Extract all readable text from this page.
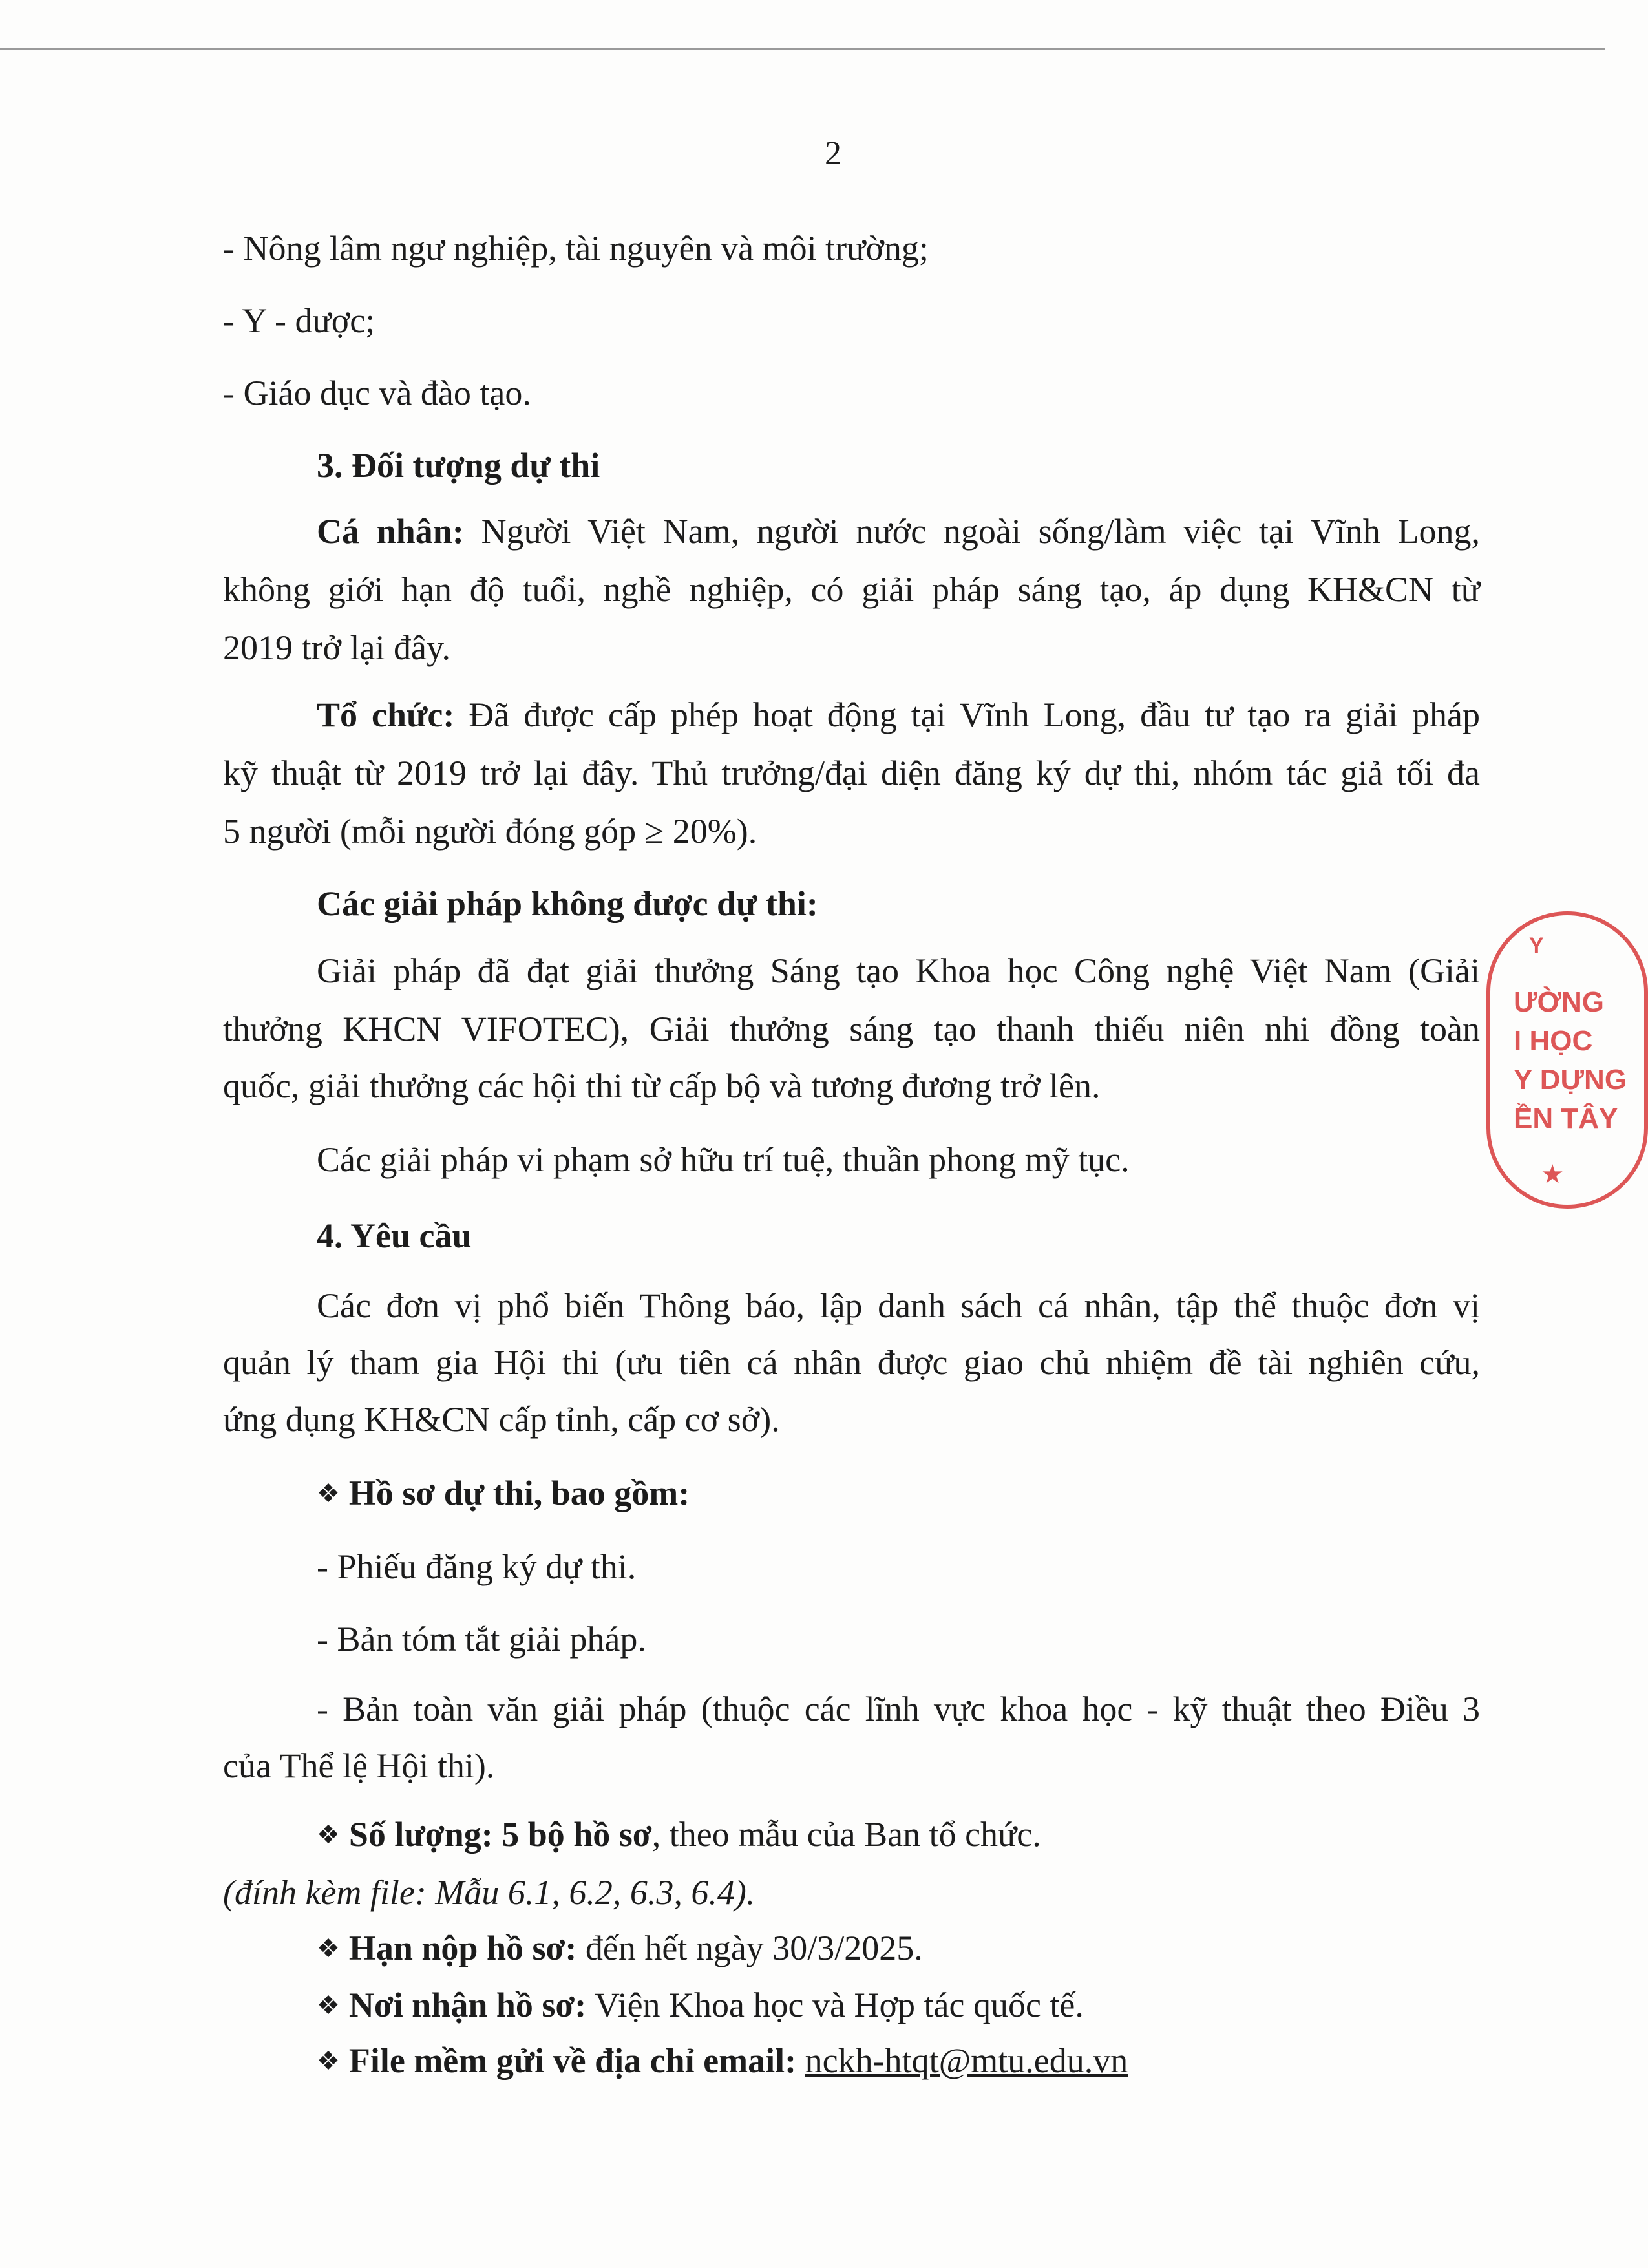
2
- Nông lâm ngư nghiệp, tài nguyên và môi trường;
- Y - dược;
- Giáo dục và đào tạo.
3. Đối tượng dự thi
Cá nhân: Người Việt Nam, người nước ngoài sống/làm việc tại Vĩnh Long,
không giới hạn độ tuổi, nghề nghiệp, có giải pháp sáng tạo, áp dụng KH&CN từ
2019 trở lại đây.
Tổ chức: Đã được cấp phép hoạt động tại Vĩnh Long, đầu tư tạo ra giải pháp
kỹ thuật từ 2019 trở lại đây. Thủ trưởng/đại diện đăng ký dự thi, nhóm tác giả tối đa
5 người (mỗi người đóng góp ≥ 20%).
Các giải pháp không được dự thi:
Giải pháp đã đạt giải thưởng Sáng tạo Khoa học Công nghệ Việt Nam (Giải
thưởng KHCN VIFOTEC), Giải thưởng sáng tạo thanh thiếu niên nhi đồng toàn
quốc, giải thưởng các hội thi từ cấp bộ và tương đương trở lên.
Các giải pháp vi phạm sở hữu trí tuệ, thuần phong mỹ tục.
4. Yêu cầu
Các đơn vị phổ biến Thông báo, lập danh sách cá nhân, tập thể thuộc đơn vị
quản lý tham gia Hội thi (ưu tiên cá nhân được giao chủ nhiệm đề tài nghiên cứu,
ứng dụng KH&CN cấp tỉnh, cấp cơ sở).
❖ Hồ sơ dự thi, bao gồm:
- Phiếu đăng ký dự thi.
- Bản tóm tắt giải pháp.
- Bản toàn văn giải pháp (thuộc các lĩnh vực khoa học - kỹ thuật theo Điều 3
của Thể lệ Hội thi).
❖ Số lượng: 5 bộ hồ sơ, theo mẫu của Ban tổ chức.
(đính kèm file: Mẫu 6.1, 6.2, 6.3, 6.4).
❖ Hạn nộp hồ sơ: đến hết ngày 30/3/2025.
❖ Nơi nhận hồ sơ: Viện Khoa học và Hợp tác quốc tế.
❖ File mềm gửi về địa chỉ email: nckh-htqt@mtu.edu.vn
Y
ƯỜNG
I HỌC
Y DỰNG
ỀN TÂY
★
